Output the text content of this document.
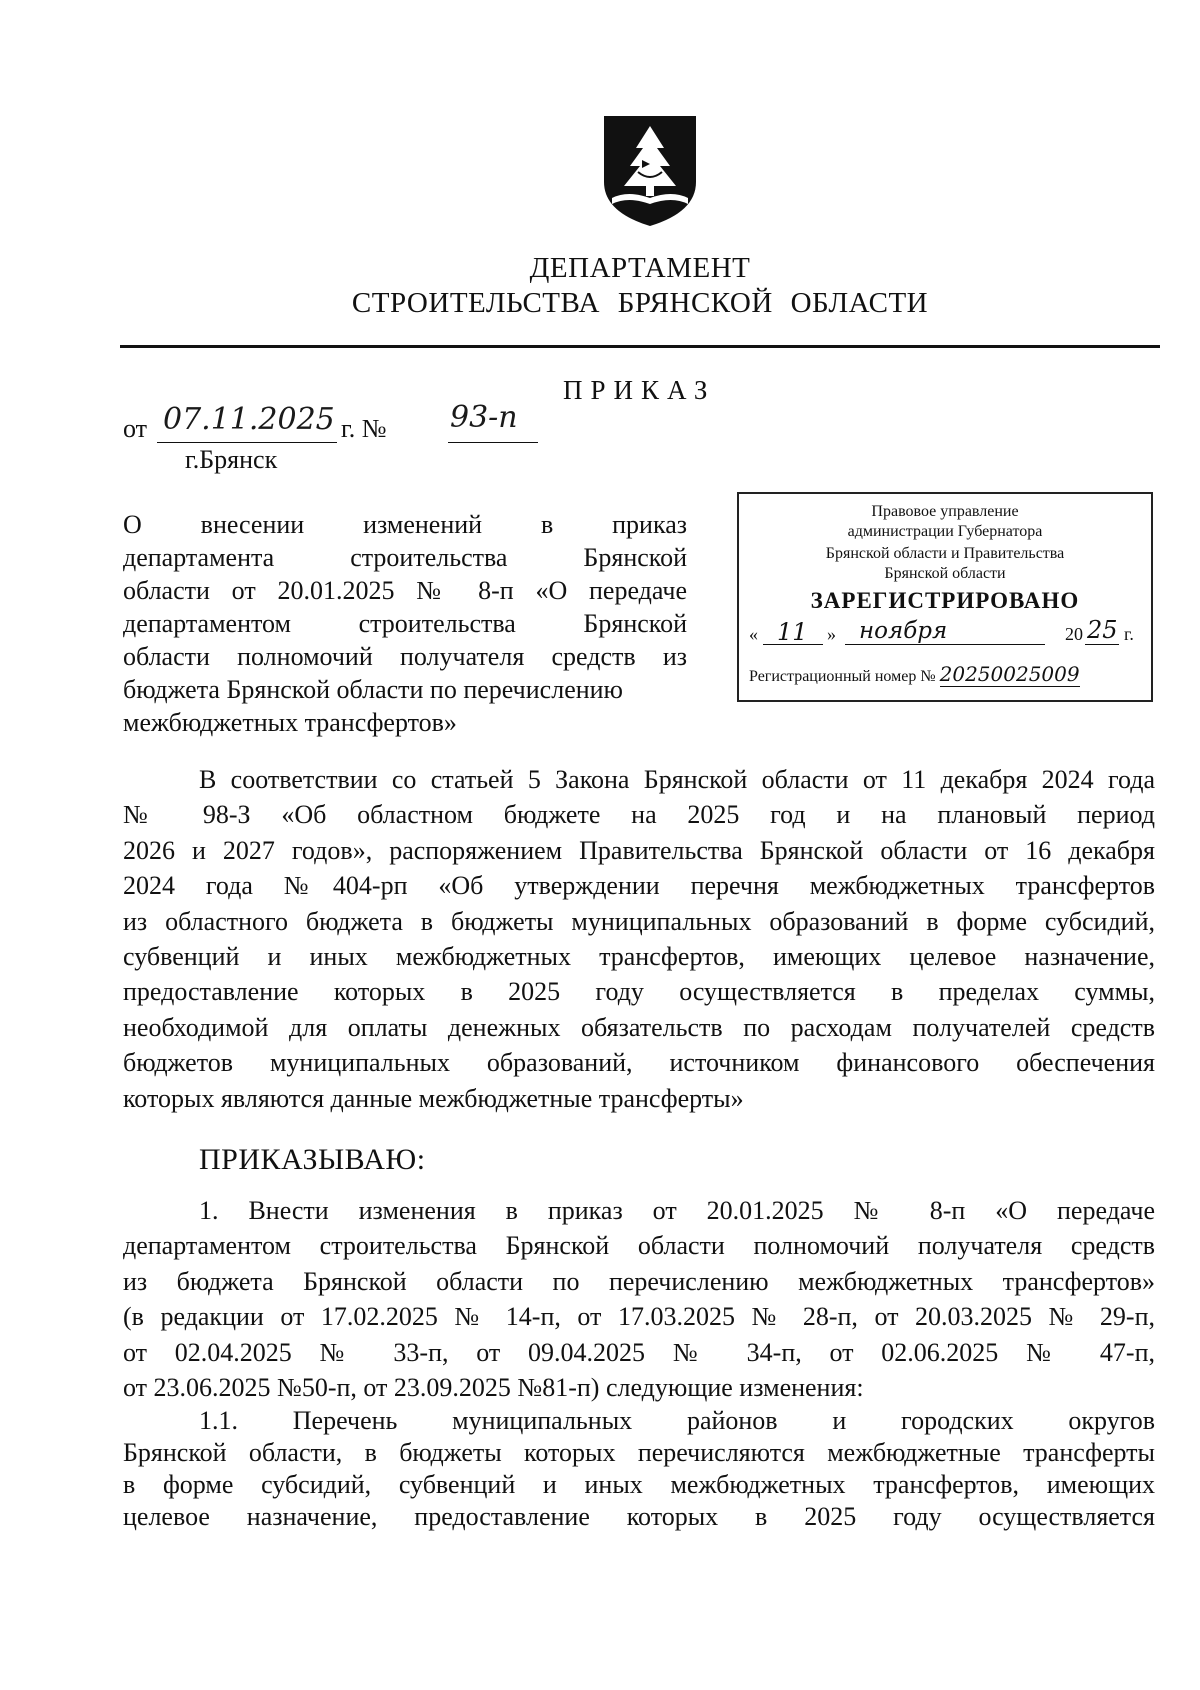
ДЕПАРТАМЕНТ
СТРОИТЕЛЬСТВА БРЯНСКОЙ ОБЛАСТИ
ПРИКАЗ
от 07.11.2025 г. № 93-п
г.Брянск
О внесении изменений в приказ
департамента строительства Брянской
области от 20.01.2025 № 8-п «О передаче
департаментом строительства Брянской
области полномочий получателя средств из
бюджета Брянской области по перечислению
межбюджетных трансфертов»
Правовое управление
администрации Губернатора
Брянской области и Правительства
Брянской области
ЗАРЕГИСТРИРОВАНО
« 11 » ноября	20 25 г.
Регистрационный номер № 20250025009
В соответствии со статьей 5 Закона Брянской области от 11 декабря 2024 года
№ 98-З «Об областном бюджете на 2025 год и на плановый период
2026 и 2027 годов», распоряжением Правительства Брянской области от 16 декабря
2024 года №404-рп «Об утверждении перечня межбюджетных трансфертов
из областного бюджета в бюджеты муниципальных образований в форме субсидий,
субвенций и иных межбюджетных трансфертов, имеющих целевое назначение,
предоставление которых в 2025 году осуществляется в пределах суммы,
необходимой для оплаты денежных обязательств по расходам получателей средств
бюджетов муниципальных образований, источником финансового обеспечения
которых являются данные межбюджетные трансферты»
ПРИКАЗЫВАЮ:
1. Внести изменения в приказ от 20.01.2025 № 8-п «О передаче
департаментом строительства Брянской области полномочий получателя средств
из бюджета Брянской области по перечислению межбюджетных трансфертов»
(в редакции от 17.02.2025 № 14-п, от 17.03.2025 № 28-п, от 20.03.2025 № 29-п,
от 02.04.2025 № 33-п, от 09.04.2025 № 34-п, от 02.06.2025 № 47-п,
от 23.06.2025 №50-п, от 23.09.2025 №81-п) следующие изменения:
1.1. Перечень муниципальных районов и городских округов
Брянской области, в бюджеты которых перечисляются межбюджетные трансферты
в форме субсидий, субвенций и иных межбюджетных трансфертов, имеющих
целевое назначение, предоставление которых в 2025 году осуществляется
